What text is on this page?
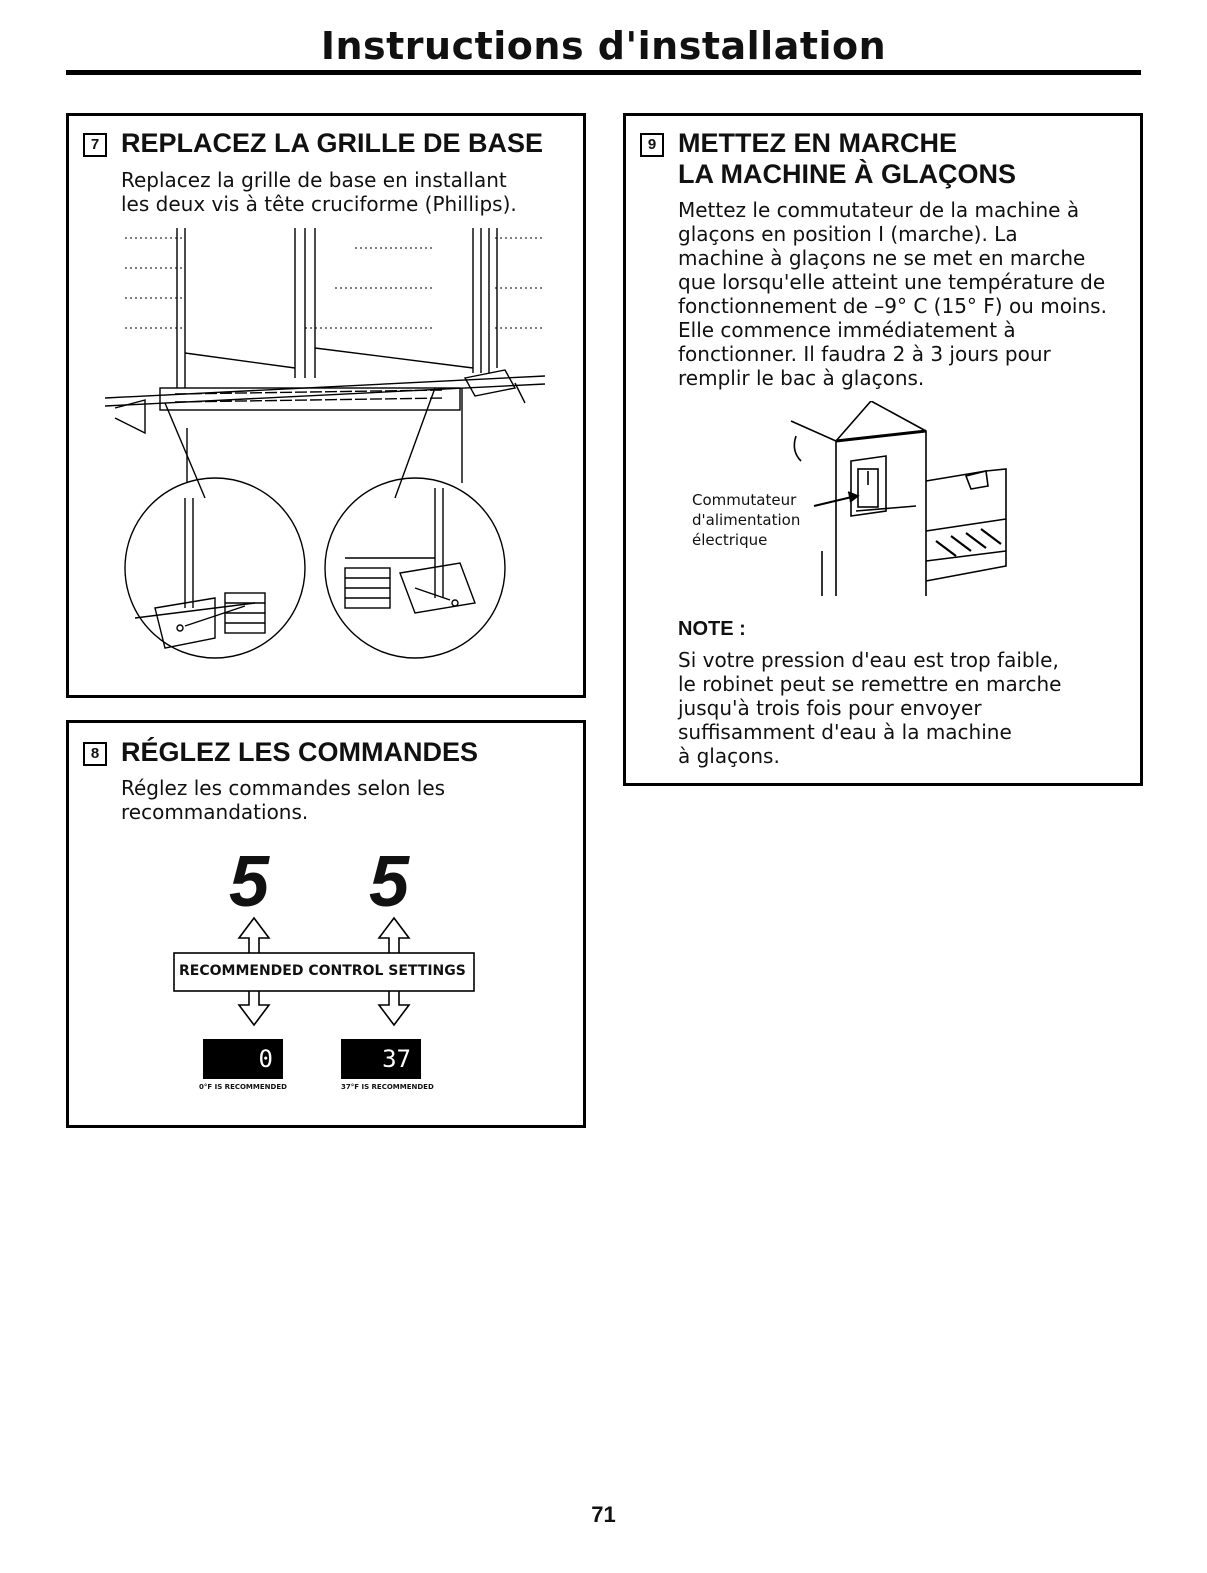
Instructions d'installation
7 REPLACEZ LA GRILLE DE BASE
Replacez la grille de base en installant
les deux vis à tête cruciforme (Phillips).
8 RÉGLEZ LES COMMANDES
Réglez les commandes selon les
recommandations.
5 5
RECOMMENDED CONTROL SETTINGS
0	37
0°F IS RECOMMENDED	37°F IS RECOMMENDED
9 METTEZ EN MARCHE
LA MACHINE À GLAÇONS
Mettez le commutateur de la machine à
glaçons en position I (marche). La
machine à glaçons ne se met en marche
que lorsqu'elle atteint une température de
fonctionnement de –9° C (15° F) ou moins.
Elle commence immédiatement à
fonctionner. Il faudra 2 à 3 jours pour
remplir le bac à glaçons.
Commutateur
d'alimentation
électrique
NOTE :
Si votre pression d'eau est trop faible,
le robinet peut se remettre en marche
jusqu'à trois fois pour envoyer
suffisamment d'eau à la machine
à glaçons.
71
